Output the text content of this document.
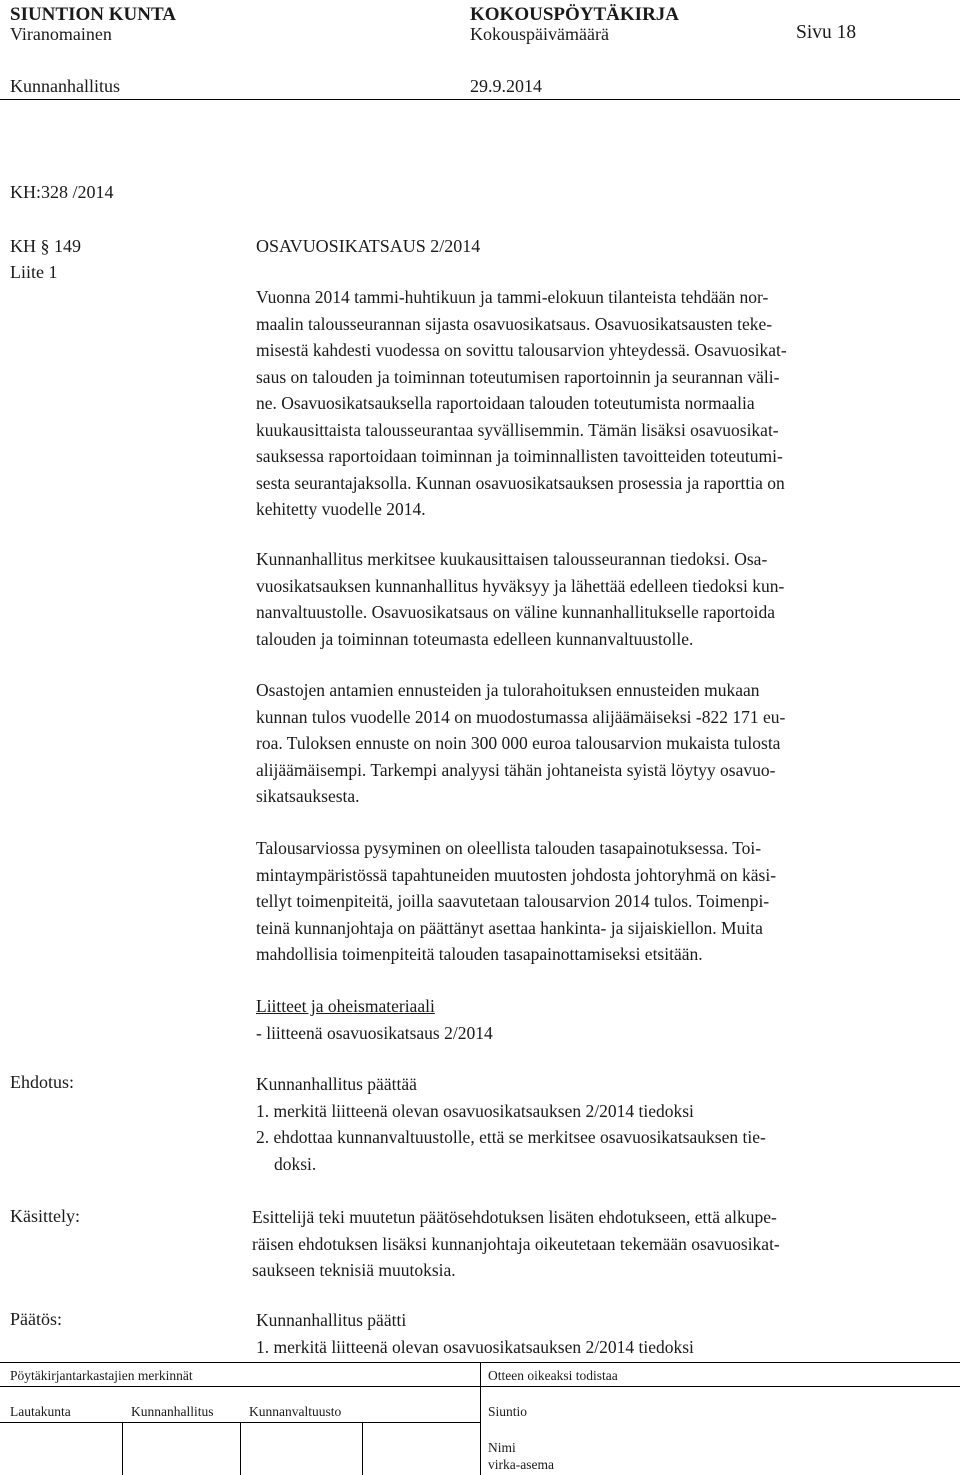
SIUNTION KUNTA	KOKOUSPÖYTÄKIRJA
Viranomainen	Kokouspäivämäärä	Sivu 18
Kunnanhallitus	29.9.2014
KH:328 /2014
KH § 149
Liite 1
OSAVUOSIKATSAUS 2/2014
Vuonna 2014 tammi-huhtikuun ja tammi-elokuun tilanteista tehdään nor-
maalin talousseurannan sijasta osavuosikatsaus. Osavuosikatsausten teke-
misestä kahdesti vuodessa on sovittu talousarvion yhteydessä. Osavuosikat-
saus on talouden ja toiminnan toteutumisen raportoinnin ja seurannan väli-
ne. Osavuosikatsauksella raportoidaan talouden toteutumista normaalia
kuukausittaista talousseurantaa syvällisemmin. Tämän lisäksi osavuosikat-
sauksessa raportoidaan toiminnan ja toiminnallisten tavoitteiden toteutumi-
sesta seurantajaksolla. Kunnan osavuosikatsauksen prosessia ja raporttia on
kehitetty vuodelle 2014.
Kunnanhallitus merkitsee kuukausittaisen talousseurannan tiedoksi. Osa-
vuosikatsauksen kunnanhallitus hyväksyy ja lähettää edelleen tiedoksi kun-
nanvaltuustolle. Osavuosikatsaus on väline kunnanhallitukselle raportoida
talouden ja toiminnan toteumasta edelleen kunnanvaltuustolle.
Osastojen antamien ennusteiden ja tulorahoituksen ennusteiden mukaan
kunnan tulos vuodelle 2014 on muodostumassa alijäämäiseksi -822 171 eu-
roa. Tuloksen ennuste on noin 300 000 euroa talousarvion mukaista tulosta
alijäämäisempi. Tarkempi analyysi tähän johtaneista syistä löytyy osavuo-
sikatsauksesta.
Talousarviossa pysyminen on oleellista talouden tasapainotuksessa. Toi-
mintaympäristössä tapahtuneiden muutosten johdosta johtoryhmä on käsi-
tellyt toimenpiteitä, joilla saavutetaan talousarvion 2014 tulos. Toimenpi-
teinä kunnanjohtaja on päättänyt asettaa hankinta- ja sijaiskiellon. Muita
mahdollisia toimenpiteitä talouden tasapainottamiseksi etsitään.
Liitteet ja oheismateriaali
- liitteenä osavuosikatsaus 2/2014
Ehdotus:	Kunnanhallitus päättää
1. merkitä liitteenä olevan osavuosikatsauksen 2/2014 tiedoksi
2. ehdottaa kunnanvaltuustolle, että se merkitsee osavuosikatsauksen tie-
doksi.
Käsittely:	Esittelijä teki muutetun päätösehdotuksen lisäten ehdotukseen, että alkupe-
räisen ehdotuksen lisäksi kunnanjohtaja oikeutetaan tekemään osavuosikat-
saukseen teknisiä muutoksia.
Päätös:	Kunnanhallitus päätti
1. merkitä liitteenä olevan osavuosikatsauksen 2/2014 tiedoksi
Pöytäkirjantarkastajien merkinnät	Otteen oikeaksi todistaa
Lautakunta	Kunnanhallitus	Kunnanvaltuusto	Siuntio
Nimi
virka-asema
